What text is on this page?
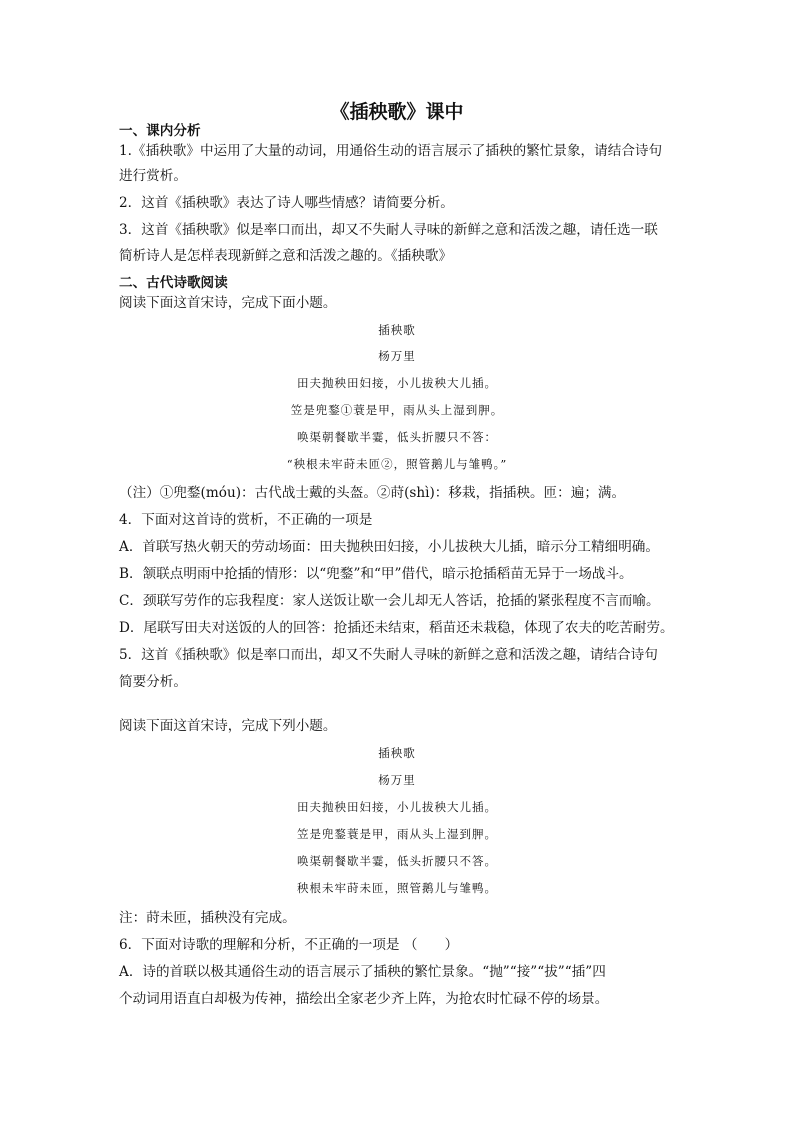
《插秧歌》课中
一、课内分析
1.《插秧歌》中运用了大量的动词，用通俗生动的语言展示了插秧的繁忙景象，请结合诗句
进行赏析。
2．这首《插秧歌》表达了诗人哪些情感？请简要分析。
3．这首《插秧歌》似是率口而出，却又不失耐人寻味的新鲜之意和活泼之趣，请任选一联
简析诗人是怎样表现新鲜之意和活泼之趣的。《插秧歌》
二、古代诗歌阅读
阅读下面这首宋诗，完成下面小题。
插秧歌
杨万里
田夫抛秧田妇接，小儿拔秧大儿插。
笠是兜鍪①蓑是甲，雨从头上湿到胛。
唤渠朝餐歇半霎，低头折腰只不答：
“秧根未牢莳未匝②，照管鹅儿与雏鸭。”
（注）①兜鍪(móu)：古代战士戴的头盔。②莳(shì)：移栽，指插秧。匝：遍；满。
4．下面对这首诗的赏析，不正确的一项是
A．首联写热火朝天的劳动场面：田夫抛秧田妇接，小儿拔秧大儿插，暗示分工精细明确。
B．颔联点明雨中抢插的情形：以“兜鍪”和“甲”借代，暗示抢插稻苗无异于一场战斗。
C．颈联写劳作的忘我程度：家人送饭让歇一会儿却无人答话，抢插的紧张程度不言而喻。
D．尾联写田夫对送饭的人的回答：抢插还未结束，稻苗还未栽稳，体现了农夫的吃苦耐劳。
5．这首《插秧歌》似是率口而出，却又不失耐人寻味的新鲜之意和活泼之趣，请结合诗句
简要分析。
阅读下面这首宋诗，完成下列小题。
插秧歌
杨万里
田夫抛秧田妇接，小儿拔秧大儿插。
笠是兜鍪蓑是甲，雨从头上湿到胛。
唤渠朝餐歇半霎，低头折腰只不答。
秧根未牢莳未匝，照管鹅儿与雏鸭。
注：莳未匝，插秧没有完成。
6．下面对诗歌的理解和分析，不正确的一项是 （　　）
A．诗的首联以极其通俗生动的语言展示了插秧的繁忙景象。“抛”“接”“拔”“插”四
个动词用语直白却极为传神，描绘出全家老少齐上阵，为抢农时忙碌不停的场景。
